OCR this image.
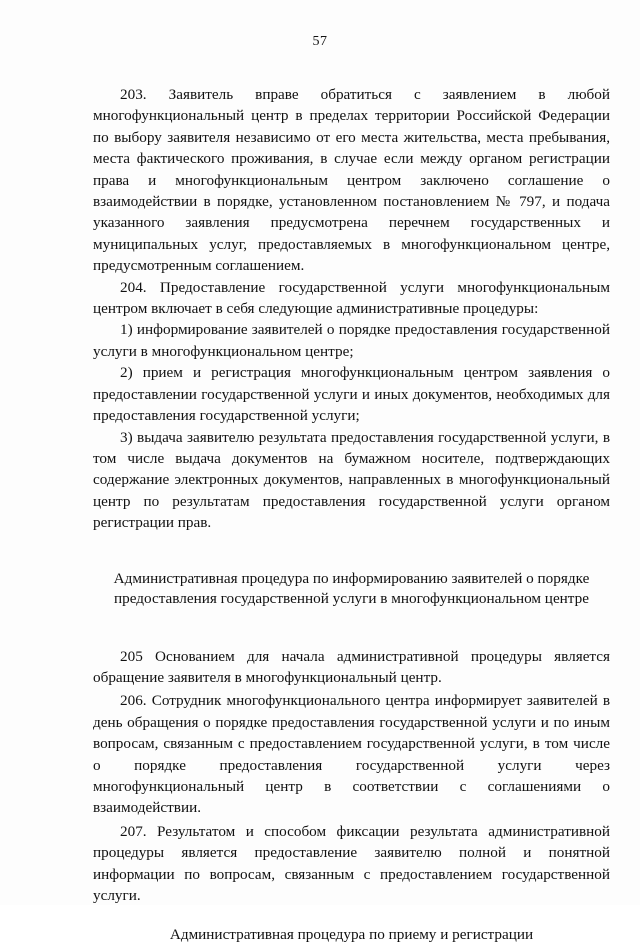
57

203. Заявитель вправе обратиться с заявлением в любой многофункциональный центр в пределах территории Российской Федерации по выбору заявителя независимо от его места жительства, места пребывания, места фактического проживания, в случае если между органом регистрации права и многофункциональным центром заключено соглашение о взаимодействии в порядке, установленном постановлением № 797, и подача указанного заявления предусмотрена перечнем государственных и муниципальных услуг, предоставляемых в многофункциональном центре, предусмотренным соглашением.

204. Предоставление государственной услуги многофункциональным центром включает в себя следующие административные процедуры:

1) информирование заявителей о порядке предоставления государственной услуги в многофункциональном центре;

2) прием и регистрация многофункциональным центром заявления о предоставлении государственной услуги и иных документов, необходимых для предоставления государственной услуги;

3) выдача заявителю результата предоставления государственной услуги, в том числе выдача документов на бумажном носителе, подтверждающих содержание электронных документов, направленных в многофункциональный центр по результатам предоставления государственной услуги органом регистрации прав.

Административная процедура по информированию заявителей о порядке предоставления государственной услуги в многофункциональном центре

205 Основанием для начала административной процедуры является обращение заявителя в многофункциональный центр.

206. Сотрудник многофункционального центра информирует заявителей в день обращения о порядке предоставления государственной услуги и по иным вопросам, связанным с предоставлением государственной услуги, в том числе о порядке предоставления государственной услуги через многофункциональный центр в соответствии с соглашениями о взаимодействии.

207. Результатом и способом фиксации результата административной процедуры является предоставление заявителю полной и понятной информации по вопросам, связанным с предоставлением государственной услуги.

Административная процедура по приему и регистрации
